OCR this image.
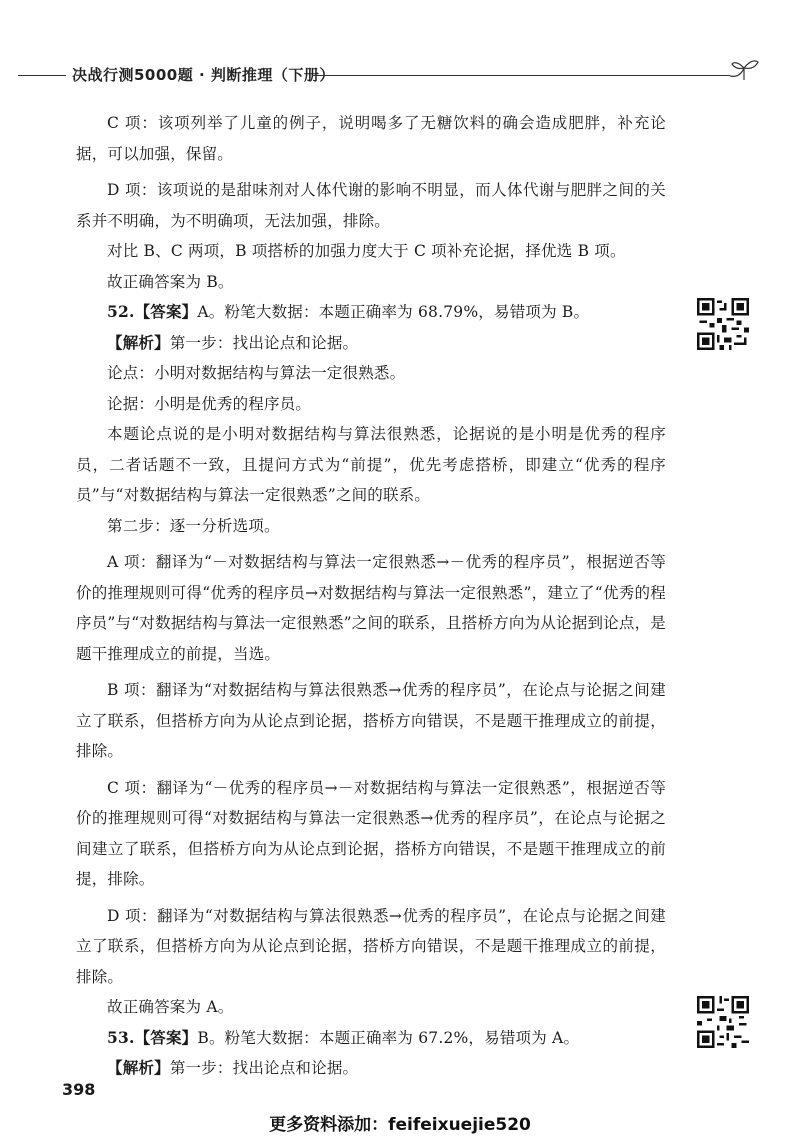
决战行测5000题 · 判断推理（下册）

C 项：该项列举了儿童的例子，说明喝多了无糖饮料的确会造成肥胖，补充论据，可以加强，保留。

D 项：该项说的是甜味剂对人体代谢的影响不明显，而人体代谢与肥胖之间的关系并不明确，为不明确项，无法加强，排除。

对比 B、C 两项，B 项搭桥的加强力度大于 C 项补充论据，择优选 B 项。

故正确答案为 B。

52.【答案】A。粉笔大数据：本题正确率为 68.79%，易错项为 B。

【解析】第一步：找出论点和论据。

论点：小明对数据结构与算法一定很熟悉。

论据：小明是优秀的程序员。

本题论点说的是小明对数据结构与算法很熟悉，论据说的是小明是优秀的程序员，二者话题不一致，且提问方式为“前提”，优先考虑搭桥，即建立“优秀的程序员”与“对数据结构与算法一定很熟悉”之间的联系。

第二步：逐一分析选项。

A 项：翻译为“－对数据结构与算法一定很熟悉→－优秀的程序员”，根据逆否等价的推理规则可得“优秀的程序员→对数据结构与算法一定很熟悉”，建立了“优秀的程序员”与“对数据结构与算法一定很熟悉”之间的联系，且搭桥方向为从论据到论点，是题干推理成立的前提，当选。

B 项：翻译为“对数据结构与算法很熟悉→优秀的程序员”，在论点与论据之间建立了联系，但搭桥方向为从论点到论据，搭桥方向错误，不是题干推理成立的前提，排除。

C 项：翻译为“－优秀的程序员→－对数据结构与算法一定很熟悉”，根据逆否等价的推理规则可得“对数据结构与算法一定很熟悉→优秀的程序员”，在论点与论据之间建立了联系，但搭桥方向为从论点到论据，搭桥方向错误，不是题干推理成立的前提，排除。

D 项：翻译为“对数据结构与算法很熟悉→优秀的程序员”，在论点与论据之间建立了联系，但搭桥方向为从论点到论据，搭桥方向错误，不是题干推理成立的前提，排除。

故正确答案为 A。

53.【答案】B。粉笔大数据：本题正确率为 67.2%，易错项为 A。

【解析】第一步：找出论点和论据。

398
更多资料添加：feifeixuejie520
